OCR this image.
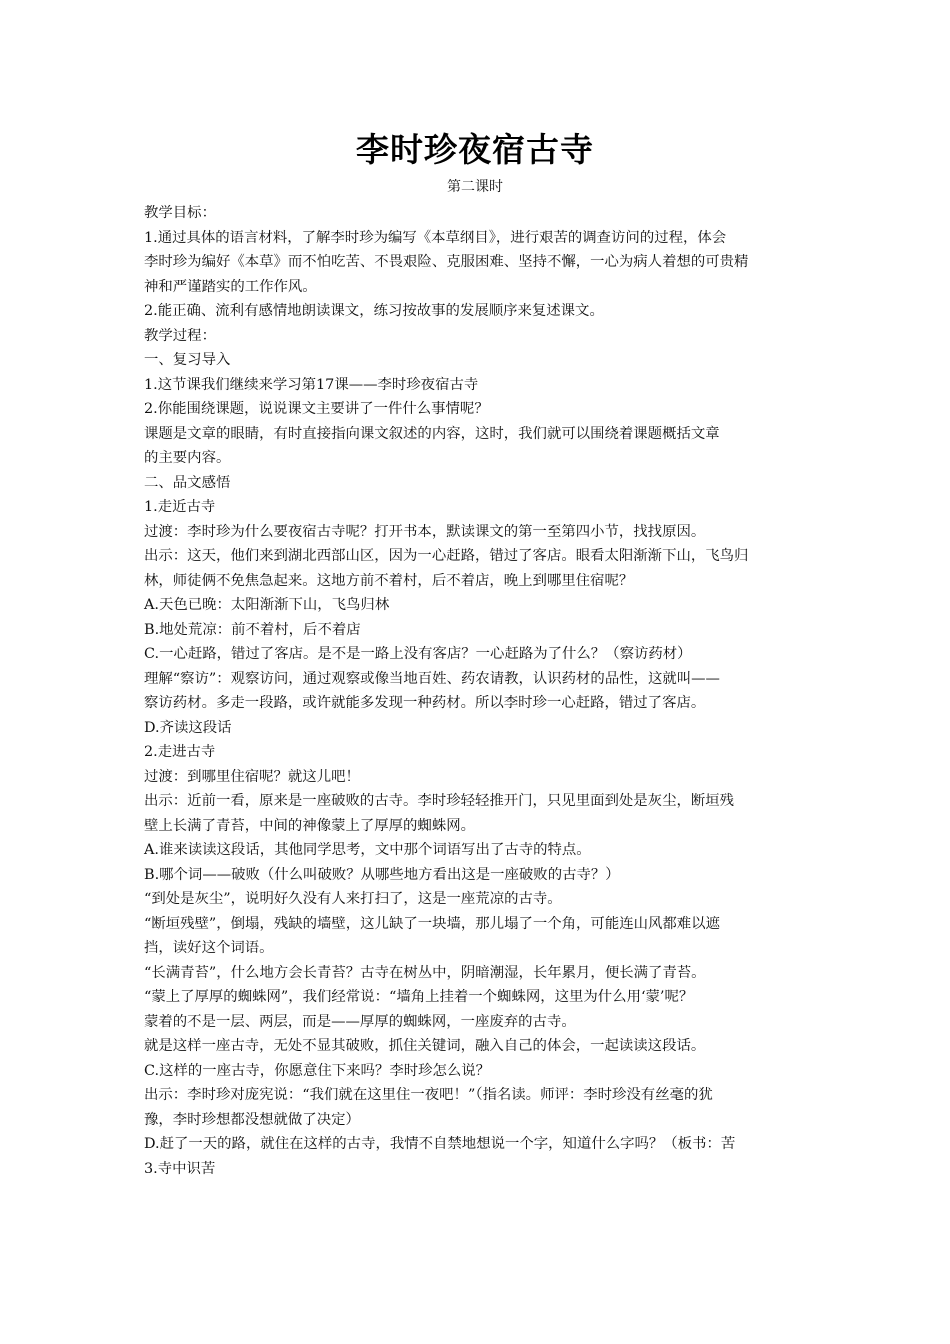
李时珍夜宿古寺
第二课时
教学目标：
1.通过具体的语言材料，了解李时珍为编写《本草纲目》，进行艰苦的调查访问的过程，体会
李时珍为编好《本草》而不怕吃苦、不畏艰险、克服困难、坚持不懈，一心为病人着想的可贵精
神和严谨踏实的工作作风。
2.能正确、流利有感情地朗读课文，练习按故事的发展顺序来复述课文。
教学过程：
一、复习导入
1.这节课我们继续来学习第17课——李时珍夜宿古寺
2.你能围绕课题，说说课文主要讲了一件什么事情呢？
课题是文章的眼睛，有时直接指向课文叙述的内容，这时，我们就可以围绕着课题概括文章
的主要内容。
二、品文感悟
1.走近古寺
过渡：李时珍为什么要夜宿古寺呢？打开书本，默读课文的第一至第四小节，找找原因。
出示：这天，他们来到湖北西部山区，因为一心赶路，错过了客店。眼看太阳渐渐下山，飞鸟归
林，师徒俩不免焦急起来。这地方前不着村，后不着店，晚上到哪里住宿呢？
A.天色已晚：太阳渐渐下山，飞鸟归林
B.地处荒凉：前不着村，后不着店
C.一心赶路，错过了客店。是不是一路上没有客店？一心赶路为了什么？（察访药材）
理解“察访”：观察访问，通过观察或像当地百姓、药农请教，认识药材的品性，这就叫——
察访药材。多走一段路，或许就能多发现一种药材。所以李时珍一心赶路，错过了客店。
D.齐读这段话
2.走进古寺
过渡：到哪里住宿呢？就这儿吧！
出示：近前一看，原来是一座破败的古寺。李时珍轻轻推开门，只见里面到处是灰尘，断垣残
壁上长满了青苔，中间的神像蒙上了厚厚的蜘蛛网。
A.谁来读读这段话，其他同学思考，文中那个词语写出了古寺的特点。
B.哪个词——破败（什么叫破败？从哪些地方看出这是一座破败的古寺？）
“到处是灰尘”，说明好久没有人来打扫了，这是一座荒凉的古寺。
“断垣残壁”，倒塌，残缺的墙壁，这儿缺了一块墙，那儿塌了一个角，可能连山风都难以遮
挡，读好这个词语。
“长满青苔”，什么地方会长青苔？古寺在树丛中，阴暗潮湿，长年累月，便长满了青苔。
“蒙上了厚厚的蜘蛛网”，我们经常说：“墙角上挂着一个蜘蛛网，这里为什么用‘蒙’呢？
蒙着的不是一层、两层，而是——厚厚的蜘蛛网，一座废弃的古寺。
就是这样一座古寺，无处不显其破败，抓住关键词，融入自己的体会，一起读读这段话。
C.这样的一座古寺，你愿意住下来吗？李时珍怎么说？
出示：李时珍对庞宪说：“我们就在这里住一夜吧！”（指名读。师评：李时珍没有丝毫的犹
豫，李时珍想都没想就做了决定）
D.赶了一天的路，就住在这样的古寺，我情不自禁地想说一个字，知道什么字吗？（板书：苦
3.寺中识苦
